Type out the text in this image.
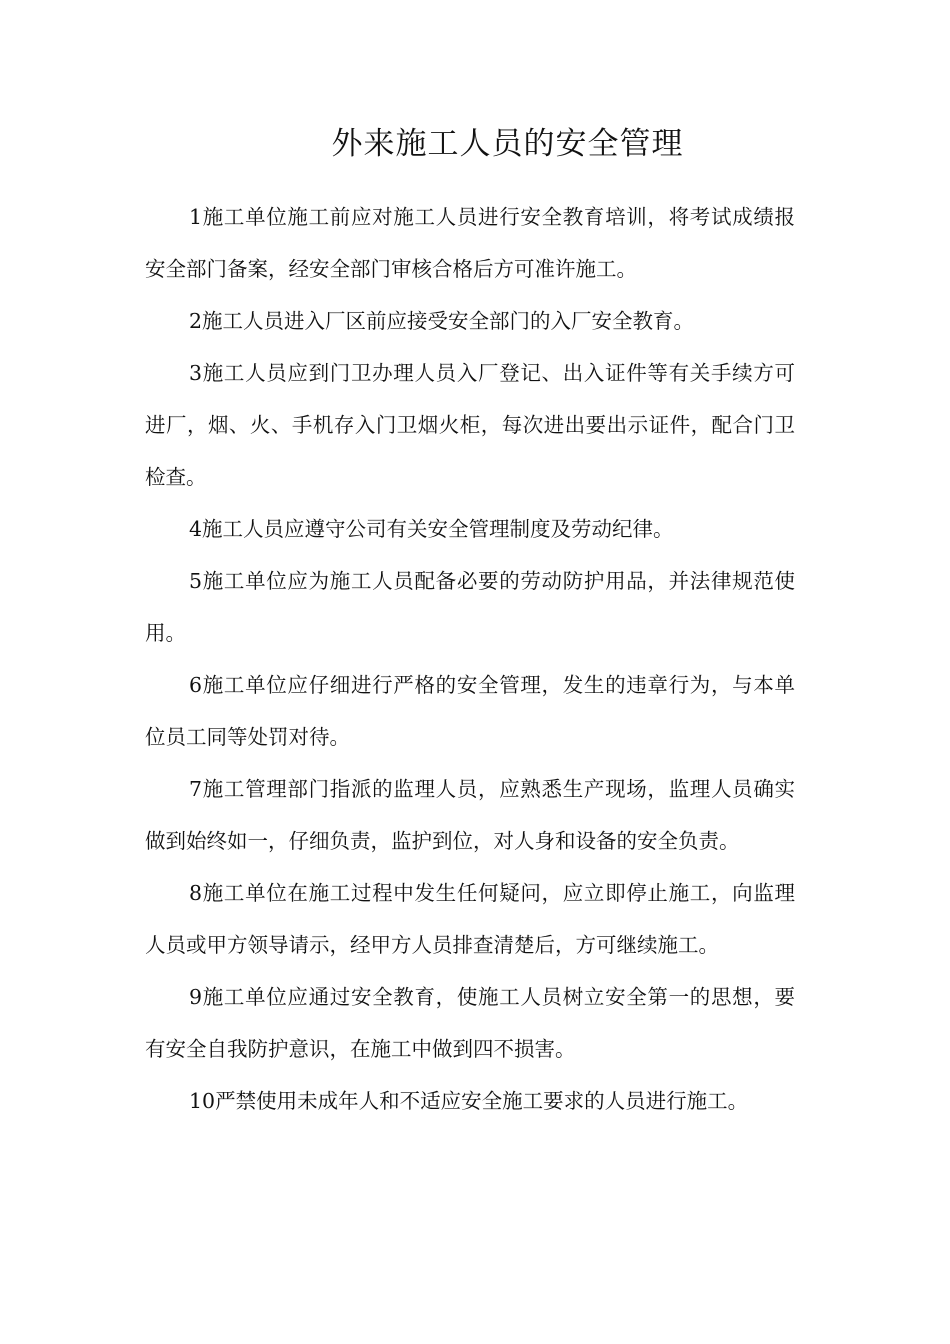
外来施工人员的安全管理

1施工单位施工前应对施工人员进行安全教育培训，将考试成绩报安全部门备案，经安全部门审核合格后方可准许施工。

2施工人员进入厂区前应接受安全部门的入厂安全教育。

3施工人员应到门卫办理人员入厂登记、出入证件等有关手续方可进厂，烟、火、手机存入门卫烟火柜，每次进出要出示证件，配合门卫检查。

4施工人员应遵守公司有关安全管理制度及劳动纪律。

5施工单位应为施工人员配备必要的劳动防护用品，并法律规范使用。

6施工单位应仔细进行严格的安全管理，发生的违章行为，与本单位员工同等处罚对待。

7施工管理部门指派的监理人员，应熟悉生产现场，监理人员确实做到始终如一，仔细负责，监护到位，对人身和设备的安全负责。

8施工单位在施工过程中发生任何疑问，应立即停止施工，向监理人员或甲方领导请示，经甲方人员排查清楚后，方可继续施工。

9施工单位应通过安全教育，使施工人员树立安全第一的思想，要有安全自我防护意识，在施工中做到四不损害。

10严禁使用未成年人和不适应安全施工要求的人员进行施工。
